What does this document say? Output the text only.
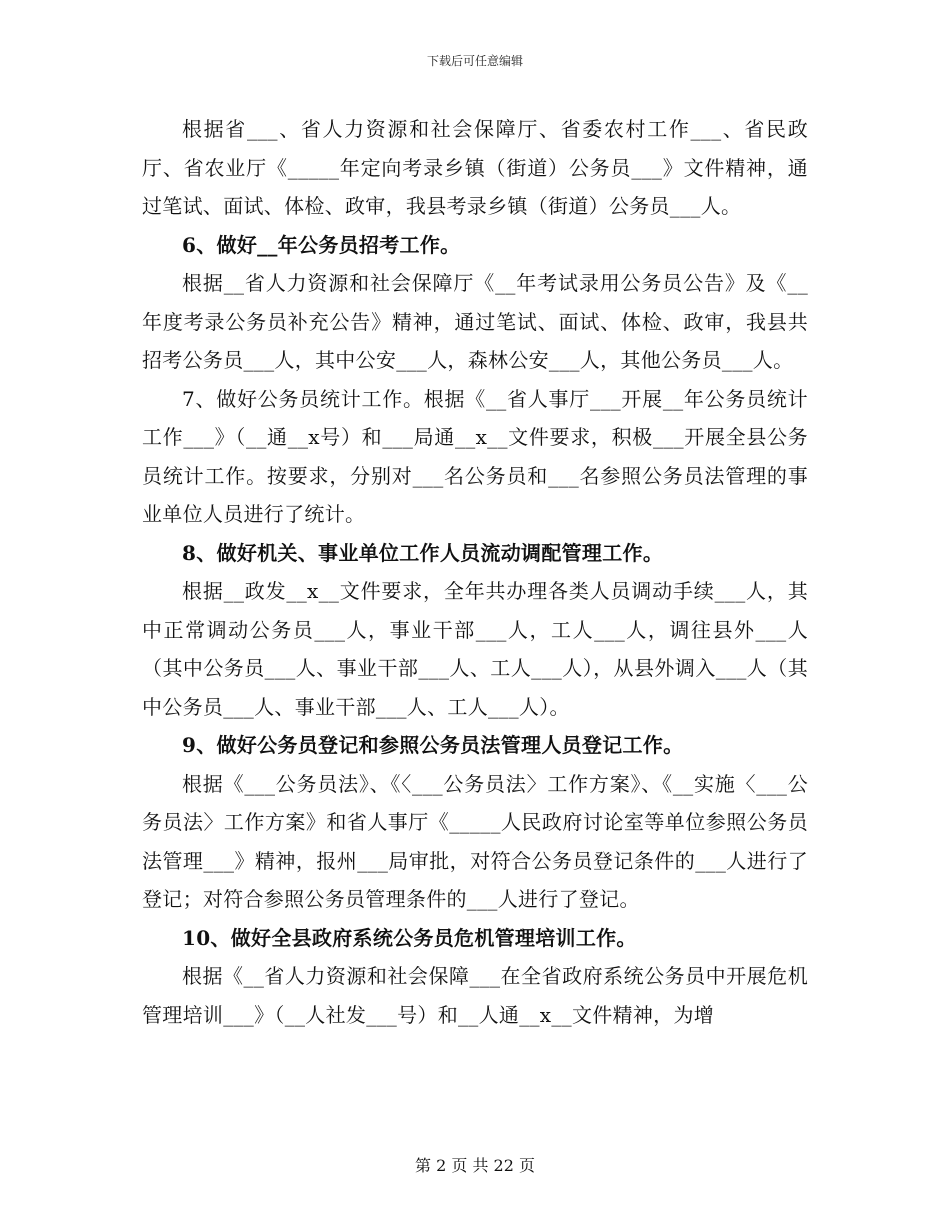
下载后可任意编辑

根据省___、省人力资源和社会保障厅、省委农村工作___、省民政厅、省农业厅《_____年定向考录乡镇（街道）公务员___》文件精神，通过笔试、面试、体检、政审，我县考录乡镇（街道）公务员___人。

6、做好__年公务员招考工作。

根据__省人力资源和社会保障厅《__年考试录用公务员公告》及《__年度考录公务员补充公告》精神，通过笔试、面试、体检、政审，我县共招考公务员___人，其中公安___人，森林公安___人，其他公务员___人。

7、做好公务员统计工作。根据《__省人事厅___开展__年公务员统计工作___》（__通__x号）和___局通__x__文件要求，积极___开展全县公务员统计工作。按要求，分别对___名公务员和___名参照公务员法管理的事业单位人员进行了统计。

8、做好机关、事业单位工作人员流动调配管理工作。

根据__政发__x__文件要求，全年共办理各类人员调动手续___人，其中正常调动公务员___人，事业干部___人，工人___人，调往县外___人（其中公务员___人、事业干部___人、工人___人），从县外调入___人（其中公务员___人、事业干部___人、工人___人）。

9、做好公务员登记和参照公务员法管理人员登记工作。

根据《___公务员法》、《〈___公务员法〉工作方案》、《__实施〈___公务员法〉工作方案》和省人事厅《_____人民政府讨论室等单位参照公务员法管理___》精神，报州___局审批，对符合公务员登记条件的___人进行了登记；对符合参照公务员管理条件的___人进行了登记。

10、做好全县政府系统公务员危机管理培训工作。

根据《__省人力资源和社会保障___在全省政府系统公务员中开展危机管理培训___》（__人社发___号）和__人通__x__文件精神，为增

第 2 页 共 22 页
